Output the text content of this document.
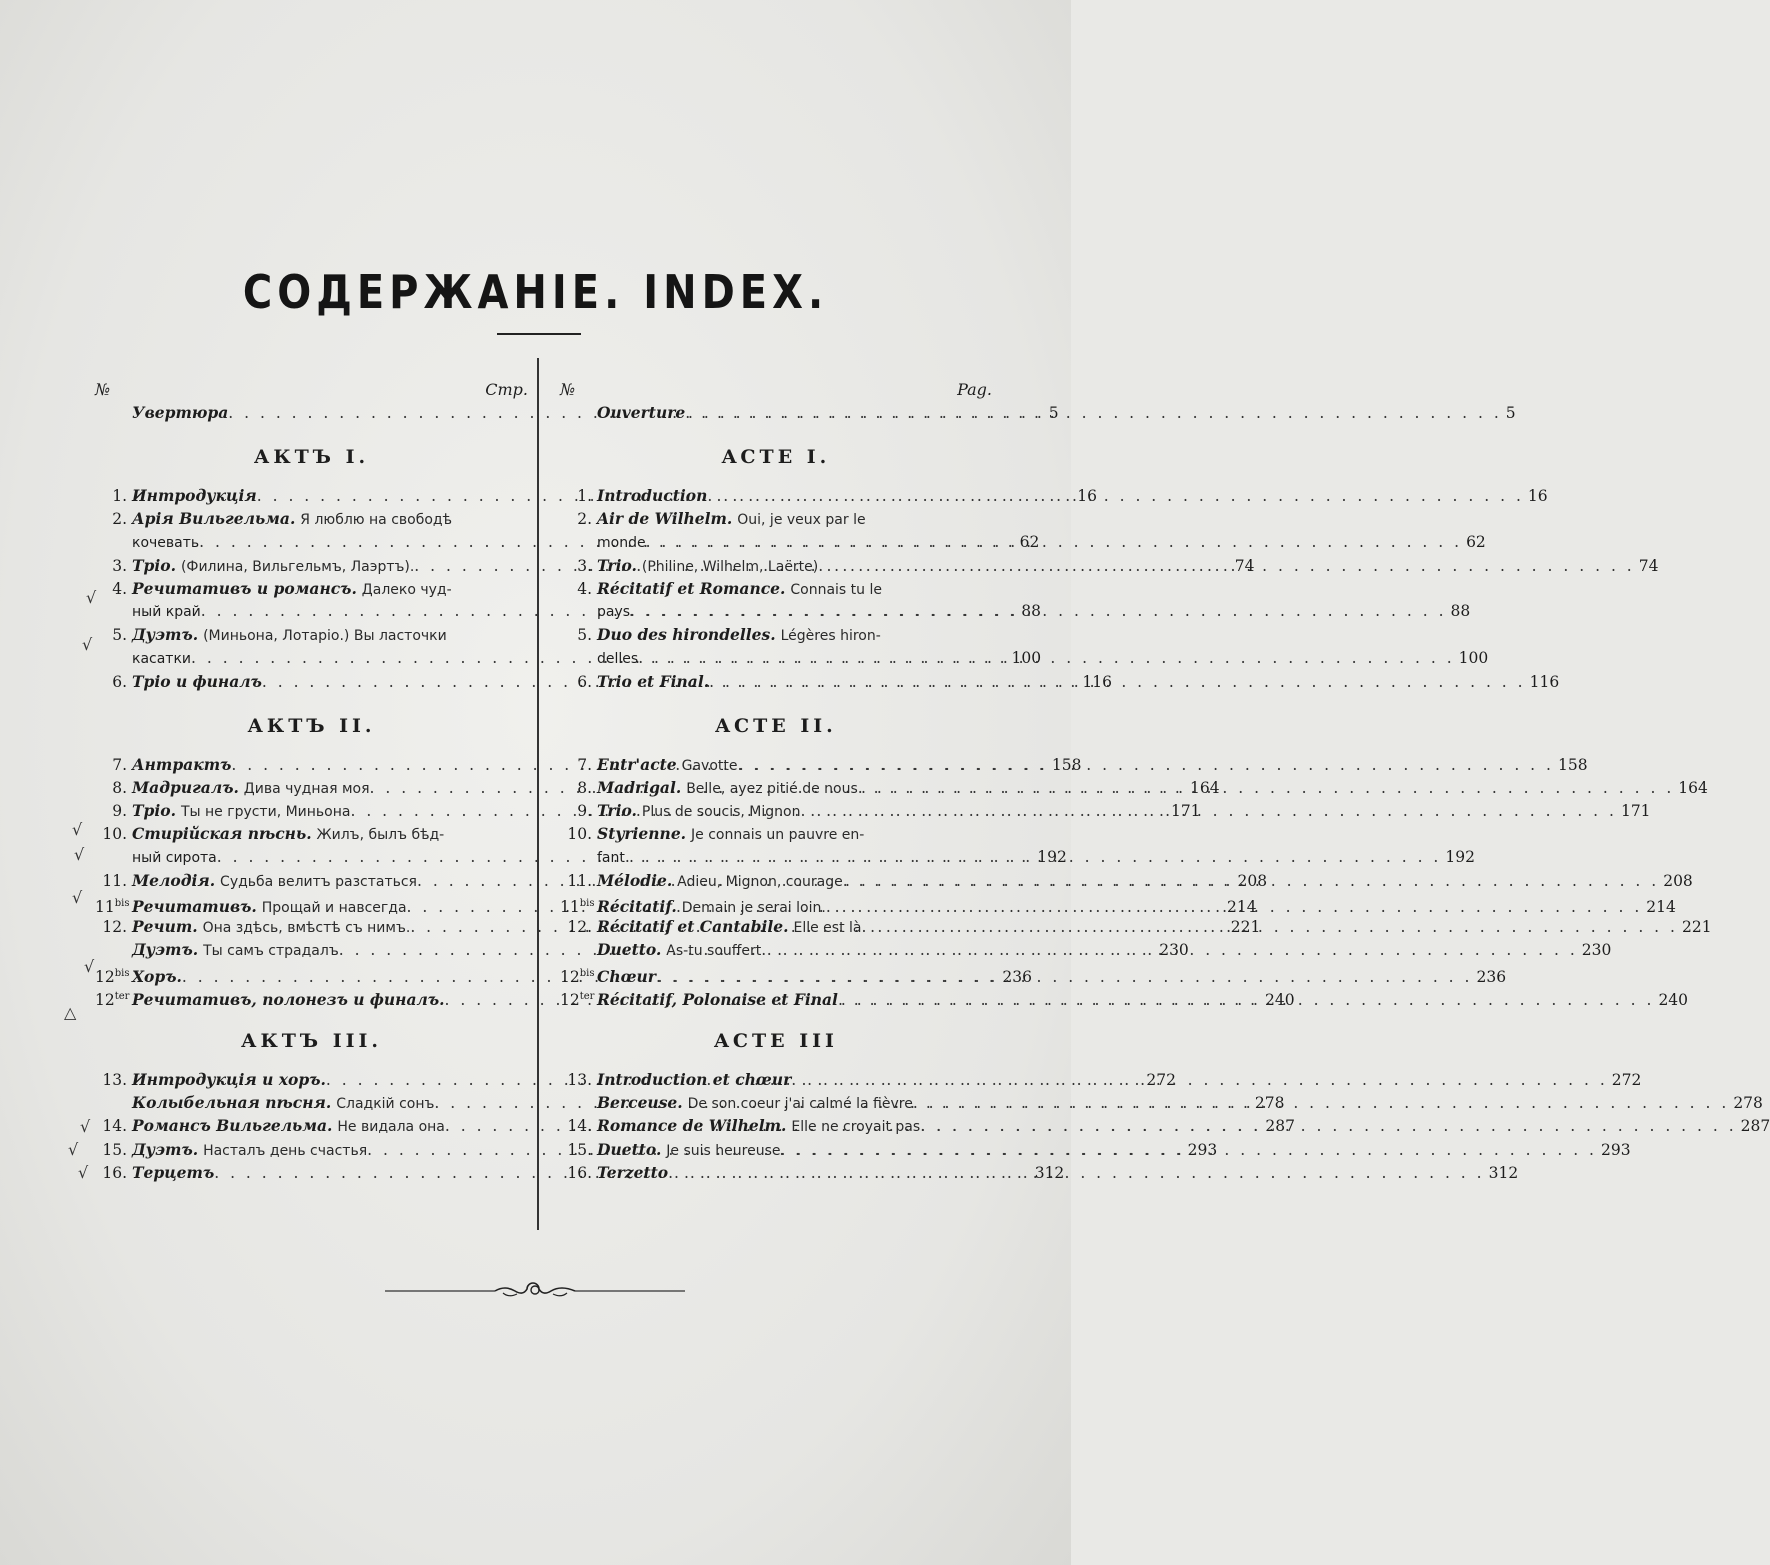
СОДЕРЖАНІЕ. INDEX.
№	Стр.
Увертюра . . .	5
АКТЪ I.
1. Интродукція . . .	16
2. Арія Вильгельма. Я люблю на свободѣ
кочевать . . .	62
3. Тріо. (Филина, Вильгельмъ, Лаэртъ). . . .	74
4. Речитативъ и романсъ. Далеко чуд-
ный край . . .	88
5. Дуэтъ. (Миньона, Лотаріо.) Вы ласточки
касатки . . .	100
6. Тріо и финалъ . . .	116
АКТЪ II.
7. Антрактъ . . .	158
8. Мадригалъ. Дива чудная моя . . .	164
9. Тріо. Ты не грусти, Миньона . . .	171
10. Стирійская пѣснь. Жилъ, былъ бѣд-
ный сирота . . .	192
11. Мелодія. Судьба велитъ разстаться . . .	208
$11^{bis}$ Речитативъ. Прощай и навсегда . . .	214
12. Речит. Она здѣсь, вмѣстѣ съ нимъ. . . .	221
Дуэтъ. Ты самъ страдалъ . . .	230
$12^{bis}$ Хоръ. . . .	236
$12^{ter}$ Речитативъ, полонезъ и финалъ. . . .	240
АКТЪ III.
13. Интродукція и хоръ. . . .	272
Колыбельная пѣсня. Сладкій сонъ . . .	278
14. Романсъ Вильгельма. Не видала она . . .	287
15. Дуэтъ. Насталъ день счастья . . .	293
16. Терцетъ . . .	312
№	Pag.
Ouverture . . .	5
ACTE I.
1. Introduction . . .	16
2. Air de Wilhelm. Oui, je veux par le
monde . . .	62
3. Trio. (Philine, Wilhelm, Laërte) . . .	74
4. Récitatif et Romance. Connais tu le
pays . . .	88
5. Duo des hirondelles. Légères hiron-
delles . . .	100
6. Trio et Final. . . .	116
ACTE II.
7. Entr'acte Gavotte . . .	158
8. Madrigal. Belle, ayez pitié de nous . . .	164
9. Trio. Plus de soucis, Mignon . . .	171
10. Styrienne. Je connais un pauvre en-
fant . . .	192
11. Mélodie. Adieu, Mignon, courage . . .	208
$11^{bis}$ Récitatif. Demain je serai loin. . . .	214
12. Récitatif et Cantabile. Elle est là . . .	221
Duetto. As-tu souffert . . .	230
$12^{bis}$ Chœur . . .	236
$12^{ter}$ Récitatif, Polonaise et Final . . .	240
ACTE III
13. Introduction et chœur . . .	272
Berceuse. De son coeur j'ai calmé la fièvre . . .	278
14. Romance de Wilhelm. Elle ne croyait pas . . .	287
15. Duetto. Je suis heureuse . . .	293
16. Terzetto . . .	312
√
√
√
√
√
√
△
√
√
√
